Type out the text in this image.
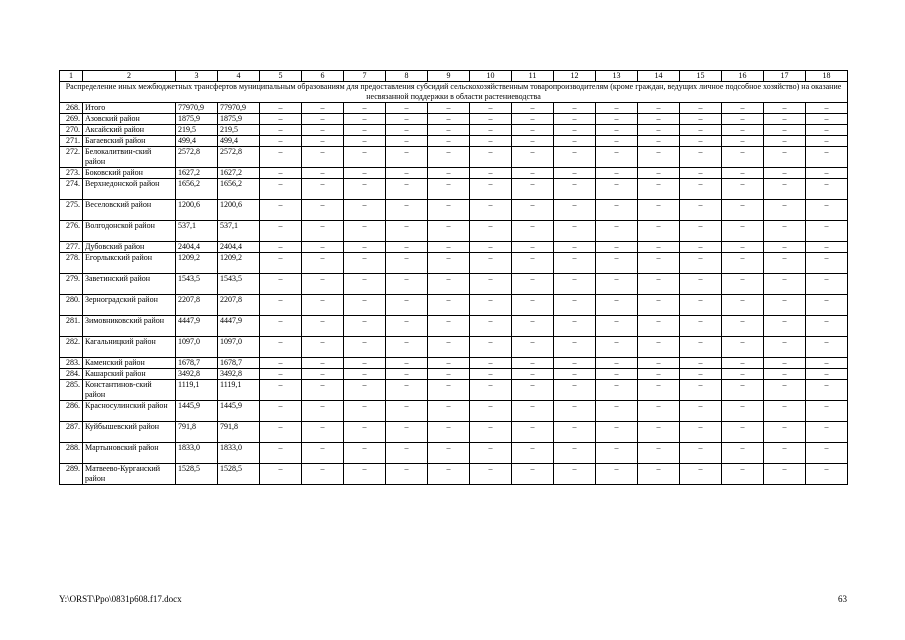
1	2	3	4	5	6	7	8	9	10	11	12	13	14	15	16	17	18
Распределение иных межбюджетных трансфертов муниципальным образованиям для предоставления субсидий сельскохозяйственным товаропроизводителям (кроме граждан, ведущих личное подсобное хозяйство) на оказание несвязанной поддержки в области растениеводства																	
268.	Итого	77970,9	77970,9	–	–	–	–	–	–	–	–	–	–	–	–	–	–
269.	Азовский район	1875,9	1875,9	–	–	–	–	–	–	–	–	–	–	–	–	–	–
270.	Аксайский район	219,5	219,5	–	–	–	–	–	–	–	–	–	–	–	–	–	–
271.	Багаевский район	499,4	499,4	–	–	–	–	–	–	–	–	–	–	–	–	–	–
272.	Белокалитвин-ский район	2572,8	2572,8	–	–	–	–	–	–	–	–	–	–	–	–	–	–
273.	Боковский район	1627,2	1627,2	–	–	–	–	–	–	–	–	–	–	–	–	–	–
274.	Верхнедонской район	1656,2	1656,2	–	–	–	–	–	–	–	–	–	–	–	–	–	–
275.	Веселовский район	1200,6	1200,6	–	–	–	–	–	–	–	–	–	–	–	–	–	–
276.	Волгодонской район	537,1	537,1	–	–	–	–	–	–	–	–	–	–	–	–	–	–
277.	Дубовский район	2404,4	2404,4	–	–	–	–	–	–	–	–	–	–	–	–	–	–
278.	Егорлыкский район	1209,2	1209,2	–	–	–	–	–	–	–	–	–	–	–	–	–	–
279.	Заветинский район	1543,5	1543,5	–	–	–	–	–	–	–	–	–	–	–	–	–	–
280.	Зерноградский район	2207,8	2207,8	–	–	–	–	–	–	–	–	–	–	–	–	–	–
281.	Зимовниковский район	4447,9	4447,9	–	–	–	–	–	–	–	–	–	–	–	–	–	–
282.	Кагальницкий район	1097,0	1097,0	–	–	–	–	–	–	–	–	–	–	–	–	–	–
283.	Каменский район	1678,7	1678,7	–	–	–	–	–	–	–	–	–	–	–	–	–	–
284.	Кашарский район	3492,8	3492,8	–	–	–	–	–	–	–	–	–	–	–	–	–	–
285.	Константинов-ский район	1119,1	1119,1	–	–	–	–	–	–	–	–	–	–	–	–	–	–
286.	Красносулинский район	1445,9	1445,9	–	–	–	–	–	–	–	–	–	–	–	–	–	–
287.	Куйбышевский район	791,8	791,8	–	–	–	–	–	–	–	–	–	–	–	–	–	–
288.	Мартыновский район	1833,0	1833,0	–	–	–	–	–	–	–	–	–	–	–	–	–	–
289.	Матвеево-Курганский район	1528,5	1528,5	–	–	–	–	–	–	–	–	–	–	–	–	–	–
Y:\ORST\Ppo\0831p608.f17.docx	63
